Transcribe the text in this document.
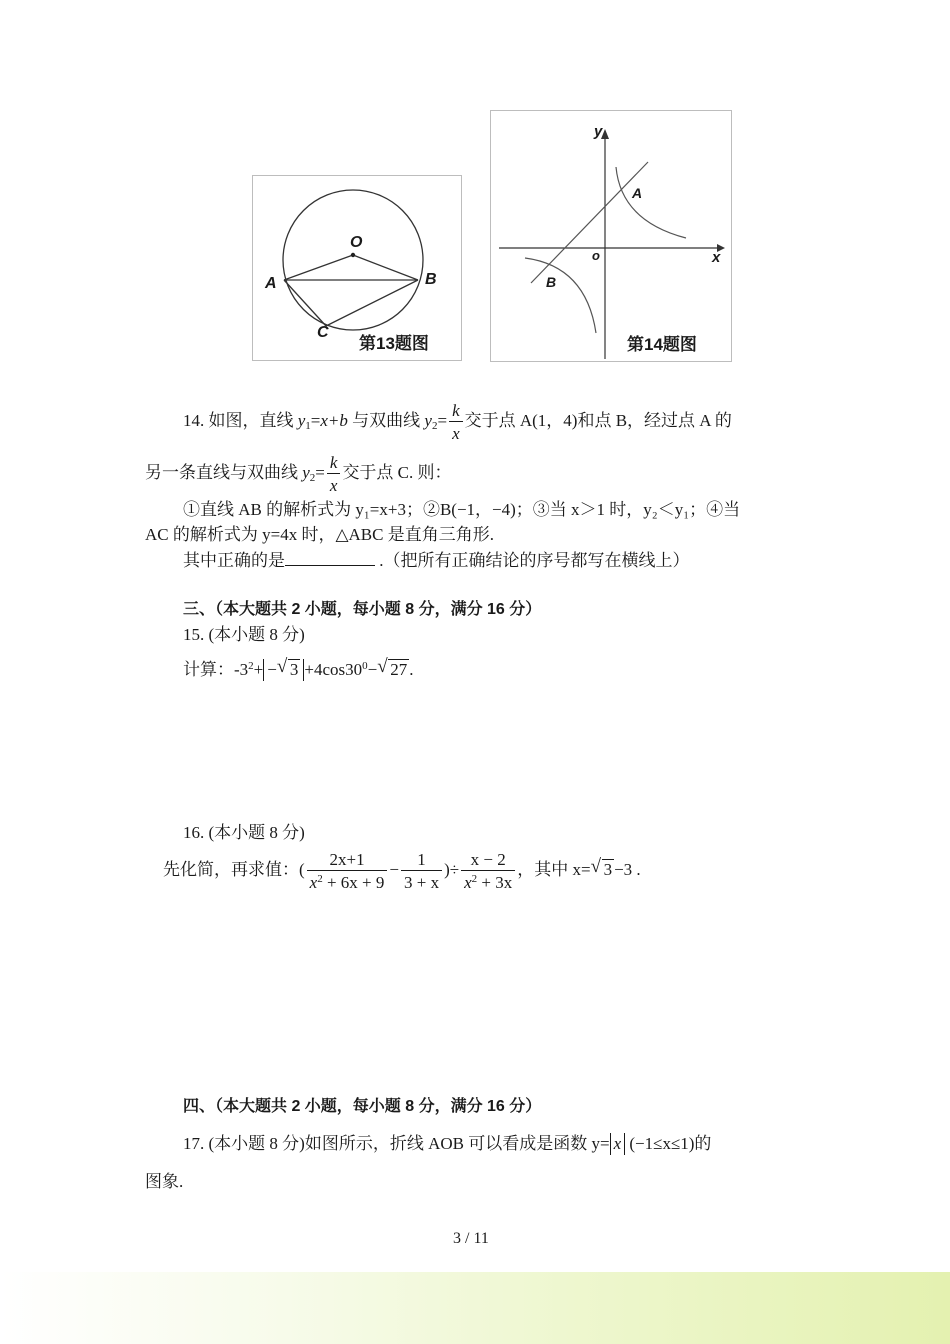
O
A	B
C
第13题图
y
x
o
A
B
第14题图
14. 如图，直线 $y_1=x+b$ 与双曲线 $y_2= \frac{k}{x}$ 交于点 A(1，4)和点 B，经过点 A 的
另一条直线与双曲线 $y_2= \frac{k}{x}$ 交于点 C. 则：
①直线 AB 的解析式为 y₁=x+3；②B(−1，−4)；③当 x＞1 时，y₂＜y₁；④当
AC 的解析式为 y=4x 时，△ABC 是直角三角形.
其中正确的是	.（把所有正确结论的序号都写在横线上）
三、（本大题共 2 小题，每小题 8 分，满分 16 分）
15. (本小题 8 分)
计算：$-3^2+$ − √ $3 +4\cos 30^0-$ √ 27 .
16. (本小题 8 分)
先化简，再求值：( $\frac{2x+1}{x^2 + 6x + 9} - \frac{1}{3 + x}$ )÷ $\frac{x - 2}{x^2 + 3x}$ ，其中 x= √ 3 −3 .
四、（本大题共 2 小题，每小题 8 分，满分 16 分）
17. (本小题 8 分)如图所示，折线 AOB 可以看成是函数 y= x (−1≤x≤1)的
图象.
3 / 11
